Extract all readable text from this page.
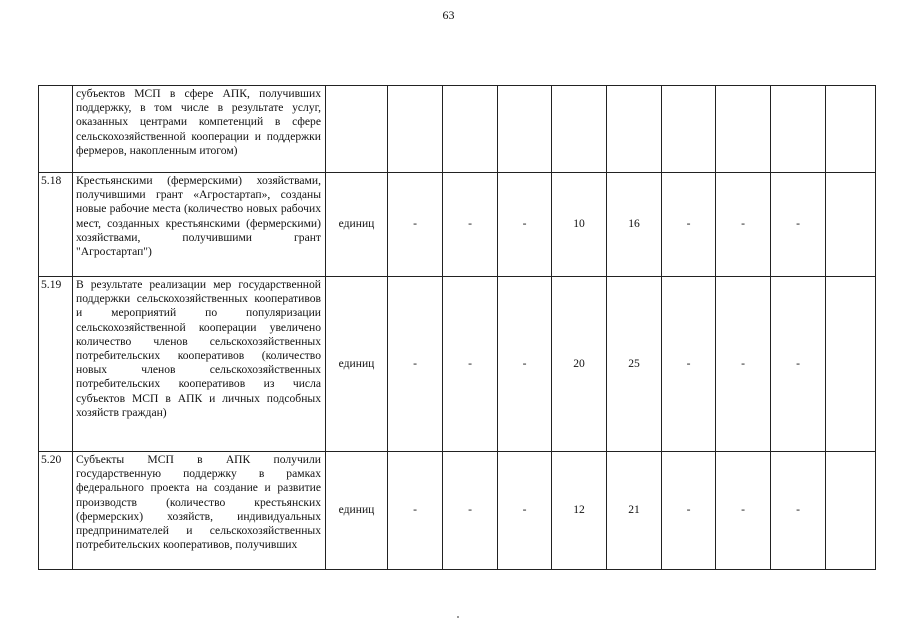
63
	субъектов МСП в сфере АПК, получивших поддержку, в том числе в результате услуг, оказанных центрами компетенций в сфере сельскохозяйственной кооперации и поддержки фермеров, накопленным итогом)										
5.18	Крестьянскими (фермерскими) хозяйствами, получившими грант «Агростартап», созданы новые рабочие места (количество новых рабочих мест, созданных крестьянскими (фермерскими) хозяйствами, получившими грант "Агростартап")	единиц	-	-	-	10	16	-	-	-	
5.19	В результате реализации мер государственной поддержки сельскохозяйственных кооперативов и мероприятий по популяризации сельскохозяйственной кооперации увеличено количество членов сельскохозяйственных потребительских кооперативов (количество новых членов сельскохозяйственных потребительских кооперативов из числа субъектов МСП в АПК и личных подсобных хозяйств граждан)	единиц	-	-	-	20	25	-	-	-	
5.20	Субъекты МСП в АПК получили государственную поддержку в рамках федерального проекта на создание и развитие производств (количество крестьянских (фермерских) хозяйств, индивидуальных предпринимателей и сельскохозяйственных потребительских кооперативов, получивших	единиц	-	-	-	12	21	-	-	-	
